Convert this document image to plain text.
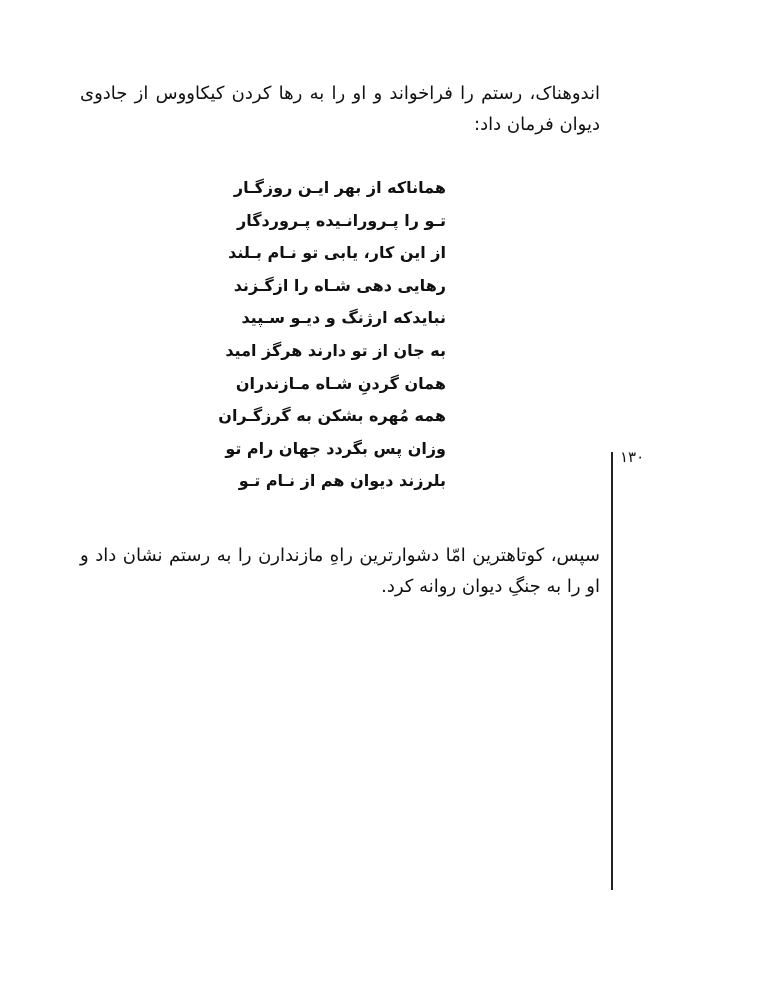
اندوهناک، رستم را فراخواند و او را به رها کردن کیکاووس از جادوی دیوان فرمان داد:

هماناکه از بهر ایـن روزگـار
تـو را پـرورانـیده پـروردگار
از این کار، یابی تو نـام بـلند
رهایی دهی شـاه را ازگـزند
نبایدکه ارژنگ و دیـو سـپید
به جان از تو دارند هرگز امید
همان گردنِ شـاه مـازندران
همه مُهره بشکن به گرزگـران
وزان پس بگردد جهان رام تو
بلرزند دیوان هم از نـام تـو

سپس، کوتاهترین امّا دشوارترین راهِ مازندارن را به رستم نشان داد و او را به جنگِ دیوان روانه کرد.

۱۳۰
